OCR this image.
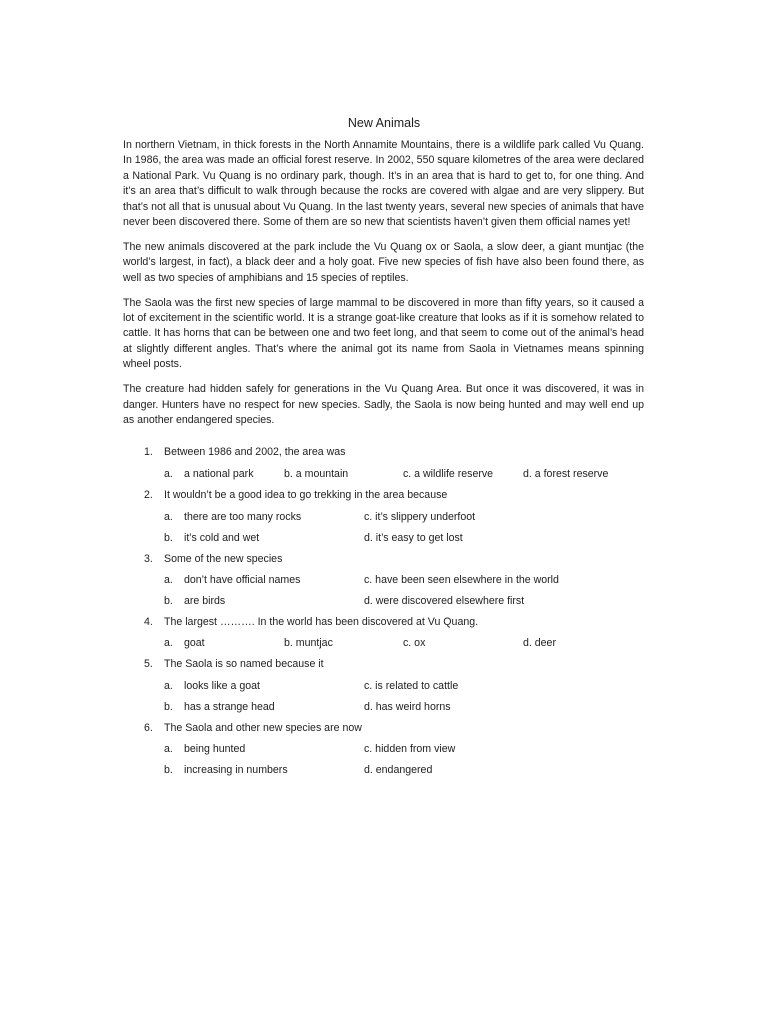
New Animals

In northern Vietnam, in thick forests in the North Annamite Mountains, there is a wildlife park called Vu Quang. In 1986, the area was made an official forest reserve. In 2002, 550 square kilometres of the area were declared a National Park. Vu Quang is no ordinary park, though. It’s in an area that is hard to get to, for one thing. And it’s an area that’s difficult to walk through because the rocks are covered with algae and are very slippery. But that’s not all that is unusual about Vu Quang. In the last twenty years, several new species of animals that have never been discovered there. Some of them are so new that scientists haven’t given them official names yet!

The new animals discovered at the park include the Vu Quang ox or Saola, a slow deer, a giant muntjac (the world’s largest, in fact), a black deer and a holy goat. Five new species of fish have also been found there, as well as two species of amphibians and 15 species of reptiles.

The Saola was the first new species of large mammal to be discovered in more than fifty years, so it caused a lot of excitement in the scientific world. It is a strange goat-like creature that looks as if it is somehow related to cattle. It has horns that can be between one and two feet long, and that seem to come out of the animal’s head at slightly different angles. That’s where the animal got its name from Saola in Vietnames means spinning wheel posts.

The creature had hidden safely for generations in the Vu Quang Area. But once it was discovered, it was in danger. Hunters have no respect for new species. Sadly, the Saola is now being hunted and may well end up as another endangered species.

1. Between 1986 and 2002, the area was
a. a national park	b. a mountain	c. a wildlife reserve	d. a forest reserve
2. It wouldn’t be a good idea to go trekking in the area because
a. there are too many rocks	c. it’s slippery underfoot
b. it’s cold and wet	d. it’s easy to get lost
3. Some of the new species
a. don’t have official names	c. have been seen elsewhere in the world
b. are birds	d. were discovered elsewhere first
4. The largest ………. In the world has been discovered at Vu Quang.
a. goat	b. muntjac	c. ox	d. deer
5. The Saola is so named because it
a. looks like a goat	c. is related to cattle
b. has a strange head	d. has weird horns
6. The Saola and other new species are now
a. being hunted	c. hidden from view
b. increasing in numbers	d. endangered
